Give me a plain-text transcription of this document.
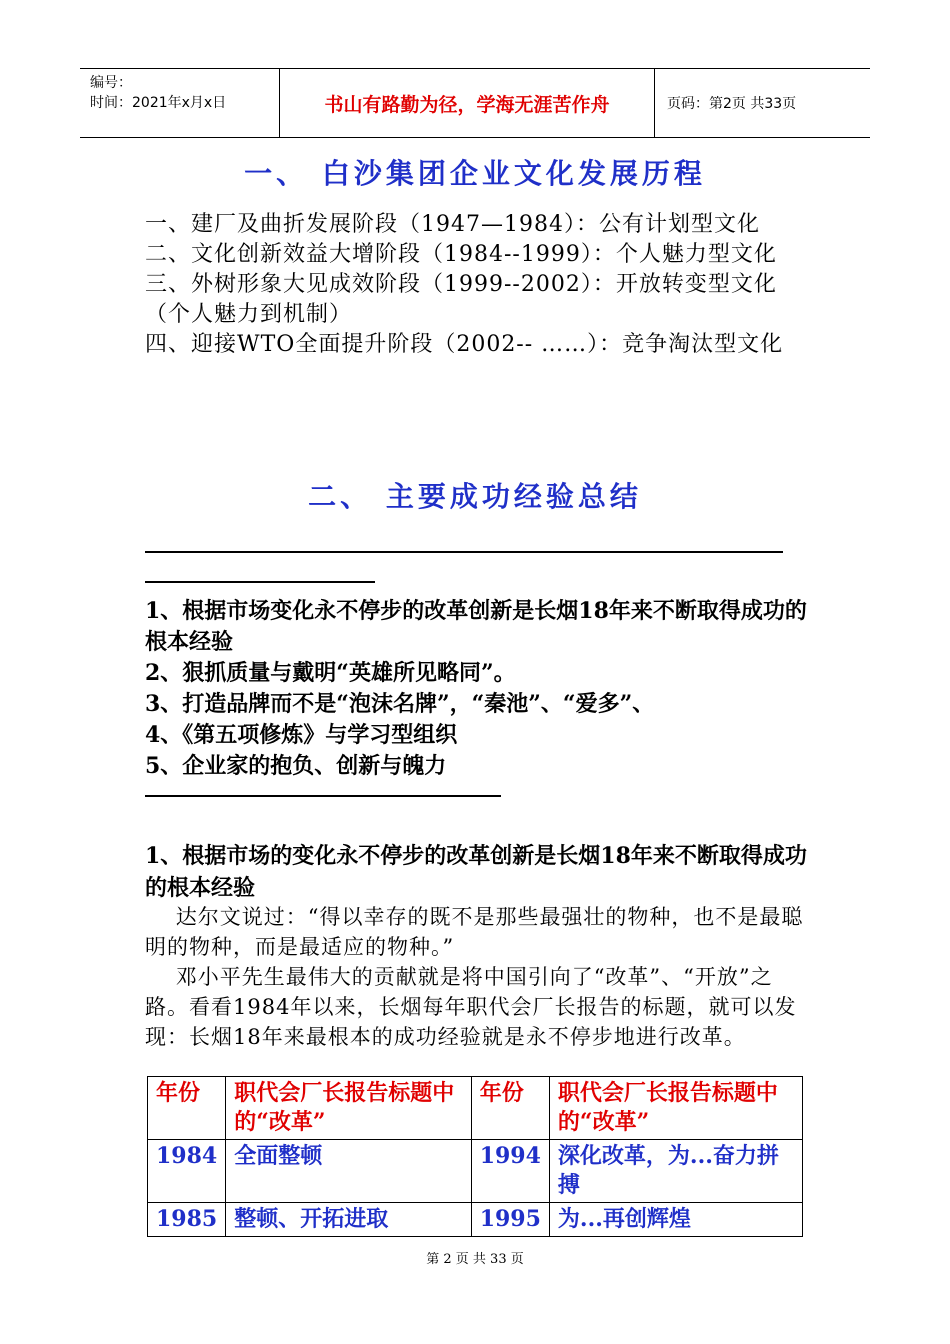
编号：
时间：2021年x月x日	书山有路勤为径，学海无涯苦作舟	页码：第2页 共33页
一、 白沙集团企业文化发展历程
一、建厂及曲折发展阶段（1947—1984）：公有计划型文化
二、文化创新效益大增阶段（1984--1999）：个人魅力型文化
三、外树形象大见成效阶段（1999--2002）：开放转变型文化（个人魅力到机制）
四、迎接WTO全面提升阶段（2002-- ……）：竞争淘汰型文化
二、 主要成功经验总结
1、根据市场变化永不停步的改革创新是长烟18年来不断取得成功的根本经验
2、狠抓质量与戴明“英雄所见略同”。
3、打造品牌而不是“泡沫名牌”，“秦池”、“爱多”、
4、《第五项修炼》与学习型组织
5、企业家的抱负、创新与魄力
1、根据市场的变化永不停步的改革创新是长烟18年来不断取得成功的根本经验
达尔文说过：“得以幸存的既不是那些最强壮的物种，也不是最聪明的物种，而是最适应的物种。”
邓小平先生最伟大的贡献就是将中国引向了“改革”、“开放”之路。看看1984年以来，长烟每年职代会厂长报告的标题，就可以发现：长烟18年来最根本的成功经验就是永不停步地进行改革。
年份	职代会厂长报告标题中的“改革”	年份	职代会厂长报告标题中的“改革”
1984	全面整顿	1994	深化改革，为...奋力拼搏
1985	整顿、开拓进取	1995	为...再创辉煌
第 2 页 共 33 页
